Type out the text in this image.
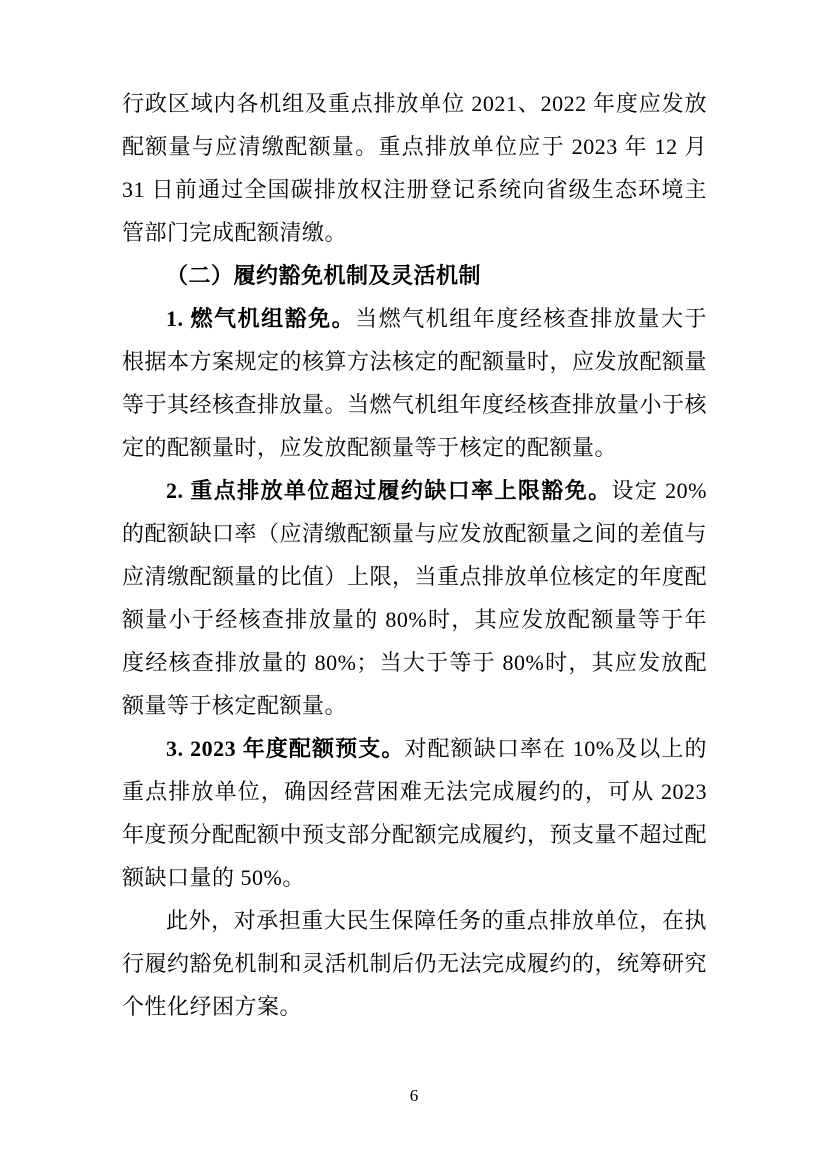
行政区域内各机组及重点排放单位 2021、2022 年度应发放配额量与应清缴配额量。重点排放单位应于 2023 年 12 月 31 日前通过全国碳排放权注册登记系统向省级生态环境主管部门完成配额清缴。

（二）履约豁免机制及灵活机制

1. 燃气机组豁免。当燃气机组年度经核查排放量大于根据本方案规定的核算方法核定的配额量时，应发放配额量等于其经核查排放量。当燃气机组年度经核查排放量小于核定的配额量时，应发放配额量等于核定的配额量。

2. 重点排放单位超过履约缺口率上限豁免。设定 20%的配额缺口率（应清缴配额量与应发放配额量之间的差值与应清缴配额量的比值）上限，当重点排放单位核定的年度配额量小于经核查排放量的 80%时，其应发放配额量等于年度经核查排放量的 80%；当大于等于 80%时，其应发放配额量等于核定配额量。

3. 2023 年度配额预支。对配额缺口率在 10%及以上的重点排放单位，确因经营困难无法完成履约的，可从 2023 年度预分配配额中预支部分配额完成履约，预支量不超过配额缺口量的 50%。

此外，对承担重大民生保障任务的重点排放单位，在执行履约豁免机制和灵活机制后仍无法完成履约的，统筹研究个性化纾困方案。

6
